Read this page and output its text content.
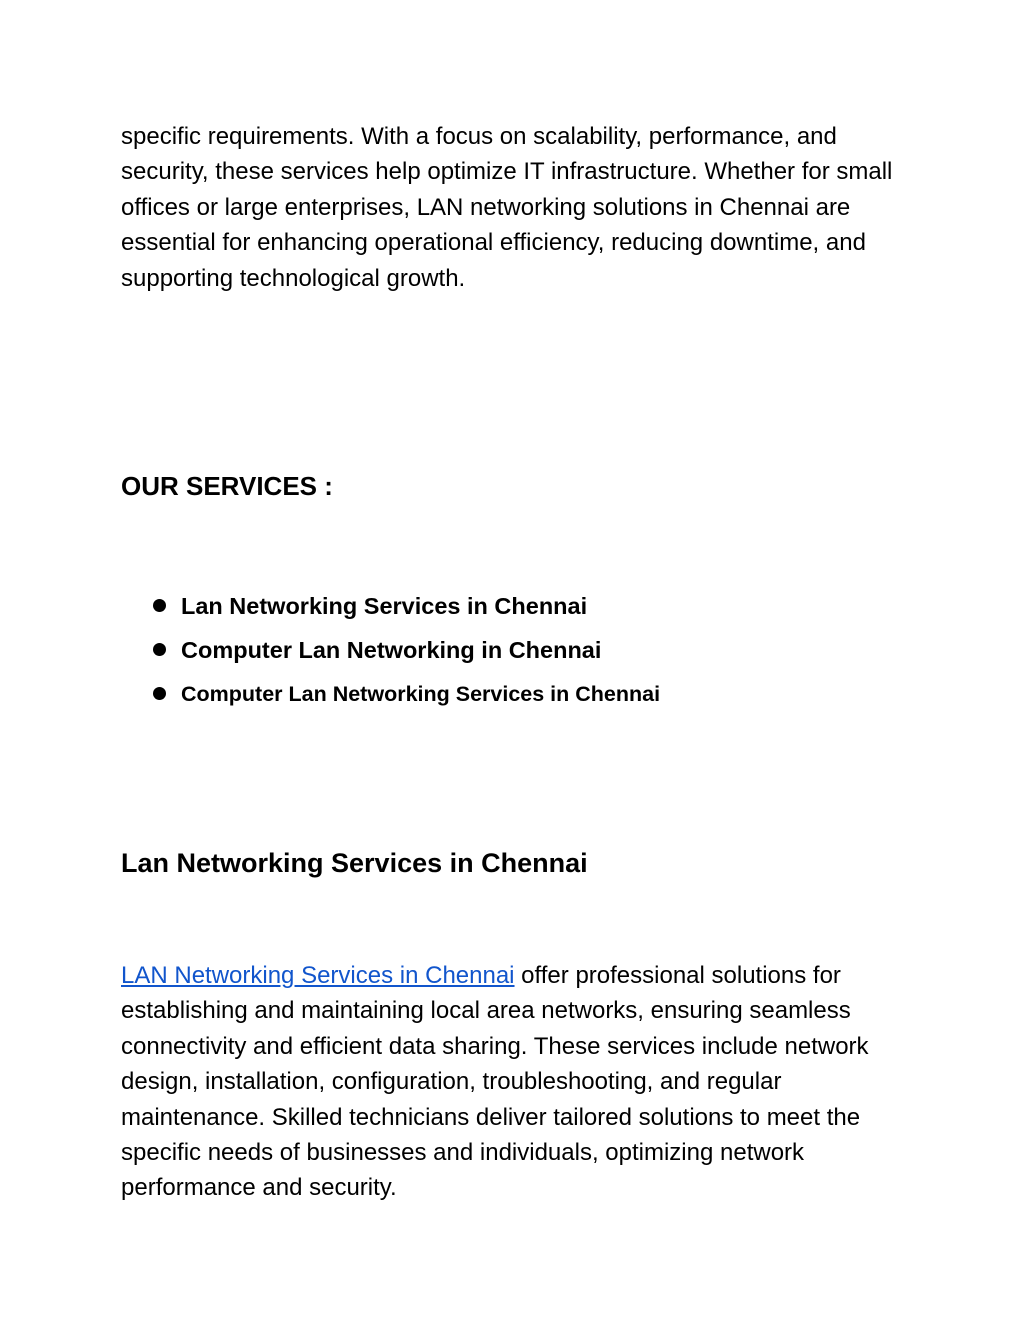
specific requirements. With a focus on scalability, performance, and security, these services help optimize IT infrastructure. Whether for small offices or large enterprises, LAN networking solutions in Chennai are essential for enhancing operational efficiency, reducing downtime, and supporting technological growth.

OUR SERVICES :
Lan Networking Services in Chennai
Computer Lan Networking in Chennai
Computer Lan Networking Services in Chennai
Lan Networking Services in Chennai

LAN Networking Services in Chennai offer professional solutions for establishing and maintaining local area networks, ensuring seamless connectivity and efficient data sharing. These services include network design, installation, configuration, troubleshooting, and regular maintenance. Skilled technicians deliver tailored solutions to meet the specific needs of businesses and individuals, optimizing network performance and security.
